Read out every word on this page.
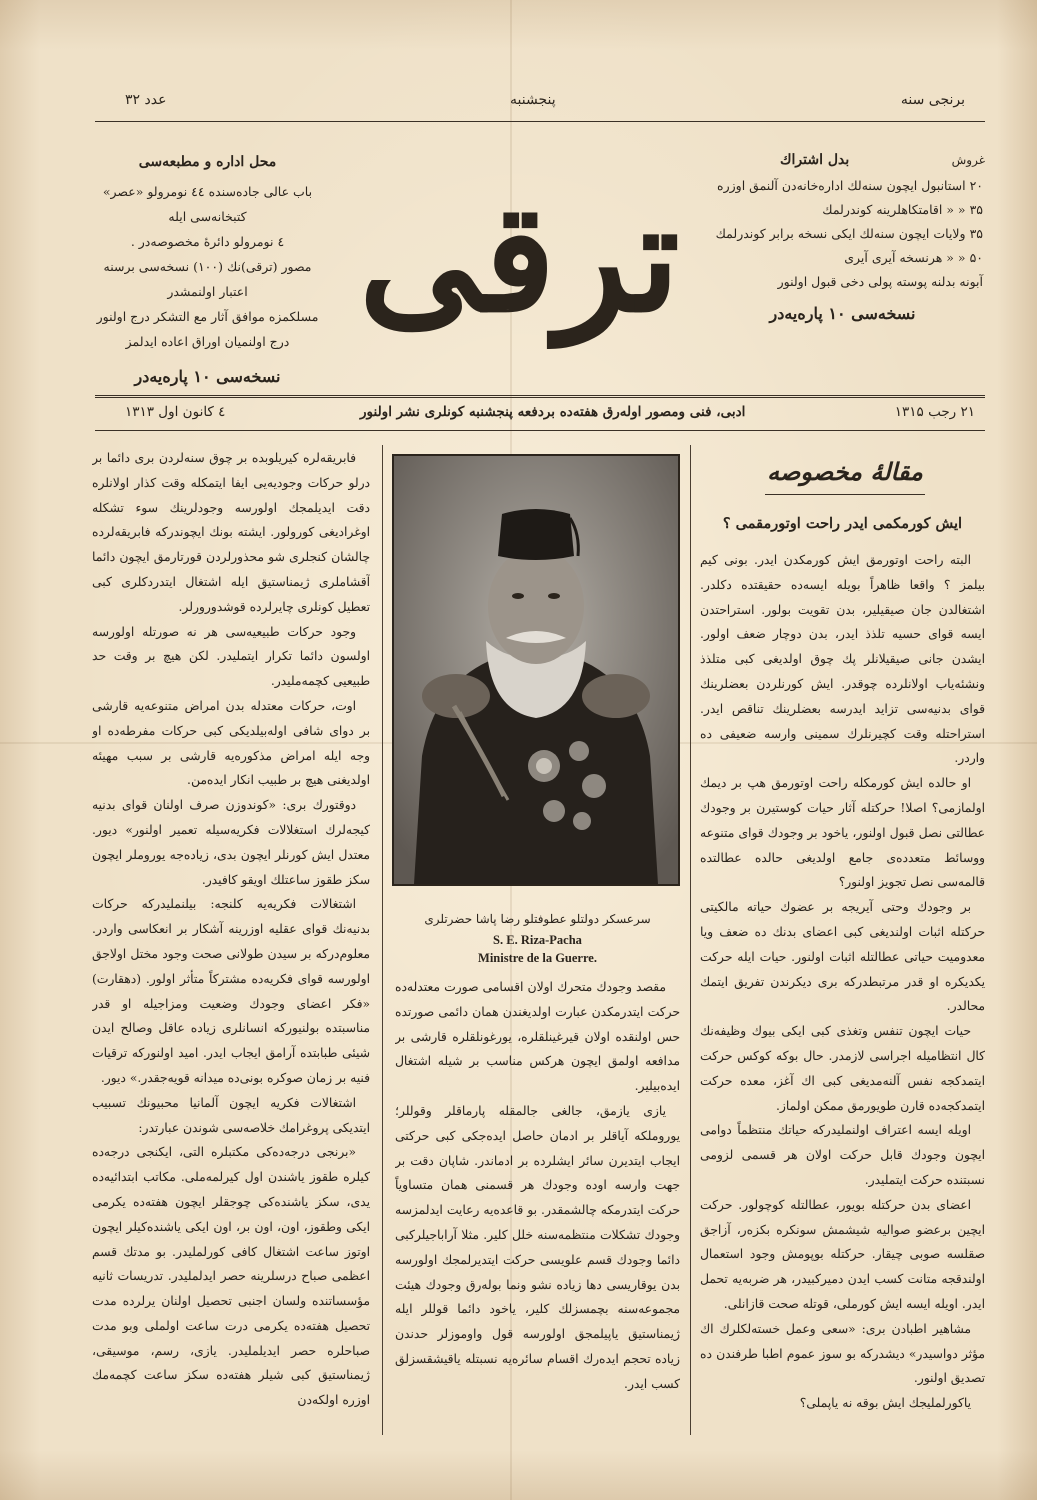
عدد ۳۲	پنجشنبه	برنجی سنه
محل اداره و مطبعه‌سی
باب عالی جاده‌سنده ٤٤ نومرولو «عصر» کتبخانه‌سی ایله
٤ نومرولو دائرهٔ مخصوصه‌در .
مصور (ترقی)نك (۱۰۰) نسخه‌سی برسنه اعتبار اولنمشدر
مسلکمزه موافق آثار مع التشکر درج اولنور
درج اولنمیان اوراق اعاده ایدلمز
نسخه‌سی ۱۰ پاره‌یه‌در
ترقی
غروش
بدل اشتراك
۲۰ استانبول ایچون سنه‌لك اداره‌خانه‌دن آلنمق اوزره
۳۵ « « اقامتکاهلرینه کوندرلمك
۳۵ ولایات ایچون سنه‌لك ایکی نسخه‌ برابر کوندرلمك
۵۰ « « هرنسخه آیری آیری
آبونه بدلنه پوسته پولی دخی قبول اولنور
نسخه‌سی ۱۰ پاره‌یه‌در
٤ کانون اول ۱۳۱۳	ادبی، فنی ومصور اوله‌رق هفته‌ده بردفعه پنجشنبه کونلری نشر اولنور	۲۱ رجب ۱۳۱۵
مقالهٔ مخصوصه
ایش کورمکمی ایدر راحت اوتورمقمی ؟

البته راحت اوتورمق ایش کورمکدن ایدر. بونی کیم بیلمز ؟ واقعا ظاهراً بویله ایسه‌ده حقیقتده دکلدر. اشتغالدن جان صیقیلیر، بدن تقویت بولور. استراحتدن ایسه قوای حسیه تلذذ ایدر، بدن دوچار ضعف اولور. ایشدن جانی صیقیلانلر پك چوق اولدیغی کبی متلذذ ونشئه‌یاب اولانلرده چوقدر. ایش کورنلردن بعضلرینك قوای بدنیه‌سی تزاید ایدرسه بعضلرینك تناقص ایدر. استراحتله وقت کچیرنلرك سمینی وارسه ضعیفی ده واردر.

او حالده ایش کورمکله راحت اوتورمق هپ بر دیمك اولمازمی؟ اصلا! حرکتله آثار حیات کوستیرن بر وجودك عطالتی نصل قبول اولنور، یاخود بر وجودك قوای متنوعه ووسائط متعدده‌ی جامع اولدیغی حالده عطالتده قالمه‌سی نصل تجویز اولنور؟

بر وجودك وحتی آیریجه بر عضوك حیاته مالکیتی حرکتله اثبات اولندیغی کبی اعضای بدنك ده ضعف ویا معدومیت حیاتی عطالتله اثبات اولنور. حیات ایله حرکت یکدیکره او قدر مرتبطدرکه بری دیکرندن تفریق ایتمك محالدر.

حیات ایچون تنفس وتغذی کبی ایکی بیوك وظیفه‌نك کال انتظامیله اجراسی لازمدر. حال بوکه کوکس حرکت ایتمدکجه نفس آلنه‌مدیغی کبی اك آغز، معده حرکت ایتمدکجه‌ده قارن طویورمق ممکن اولماز.

اویله ایسه اعتراف اولنملیدرکه حیاتك منتظماً دوامی ایچون وجودك قابل حرکت اولان هر قسمی لزومی نسبتنده حرکت ایتملیدر.

اعضای بدن حرکتله بویور، عطالتله کوچولور. حرکت ایچین برعضو صوالیه شیشمش سونکره بکزه‌ر، آزاجق صقلسه صوبی چیقار. حرکتله بوپومش وجود استعمال اولندقجه متانت کسب ایدن دمیرکبیدر، هر ضربه‌یه تحمل ایدر. اویله ایسه ایش کورملی، قوتله صحت قازانلی.

مشاهیر اطبادن بری: «سعی وعمل خسته‌لکلرك اك مؤثر دواسیدر» دیشدرکه بو سوز عموم اطبا طرفندن ده تصدیق اولنور.

یاکورلملیجك ایش بوقه نه یاپملی؟

سرعسکر دولتلو عطوفتلو رضا پاشا حضرتلری
S. E. Riza-Pacha
Ministre de la Guerre.

مقصد وجودك متحرك اولان اقسامی صورت معتدله‌ده حرکت ایتدرمکدن عبارت اولدیغندن همان دائمی صورتده حس اولنقده اولان قیرغینلقلره، یورغونلقلره قارشی بر مدافعه اولمق ایچون هرکس مناسب بر شیله اشتغال ایده‌بیلیر.

یازی یازمق، جالغی جالمقله پارماقلر وقوللر؛ یوروملکه آیاقلر بر ادمان حاصل ایده‌جکی کبی حرکتی ایجاب ایتدیرن سائر ایشلرده بر ادماندر. شاپان دقت بر جهت وارسه اوده وجودك هر قسمنی همان متساویاً حرکت ایتدرمکه چالشمقدر. بو قاعده‌یه رعایت ایدلمزسه وجودك تشکلات منتظمه‌سنه خلل کلیر. مثلا آراباجیلرکبی دائما وجودك قسم علویسی حرکت ایتدیرلمجك اولورسه بدن یوقاریسی دها زیاده نشو ونما بوله‌رق وجودك هیئت مجموعه‌سنه بچمسزلك کلیر، یاخود دائما قوللر ایله ژیمناستیق یاپیلمجق اولورسه قول واوموزلر حدندن زیاده تحجم ایده‌رك اقسام سائره‌یه نسبتله یاقیشقسزلق کسب ایدر.

فابریقه‌لره کیریلوبده بر چوق سنه‌لردن بری دائما بر درلو حرکات وجودیه‌یی ایفا ایتمکله وقت کذار اولانلره دقت ایدیلمجك اولورسه وجودلرینك سوء تشکله اوغرادیغی کورولور. ایشته بونك ایچوندرکه فابریقه‌لرده چالشان کنجلری شو محذورلردن قورتارمق ایچون دائما آقشاملری ژیمناستیق ایله اشتغال ایتدردکلری کبی تعطیل کونلری چایرلرده قوشدورورلر.

وجود حرکات طبیعیه‌سی هر نه صورتله اولورسه اولسون دائما تکرار ایتملیدر. لکن هیچ بر وقت حد طبیعیی کچمه‌ملیدر.

اوت، حرکات معتدله بدن امراض متنوعه‌یه قارشی بر دوای شافی اوله‌بیلدیکی کبی حرکات مفرطه‌ده او وجه ایله امراض مذکوره‌یه قارشی بر سبب مهیئه اولدیغنی هیچ بر طبیب انکار ایده‌من.

دوقتورك بری: «کوندوزن صرف اولنان قوای بدنیه کیجه‌لرك استغلالات فکریه‌سیله تعمیر اولنور» دیور. معتدل ایش کورنلر ایچون بدی، زیاده‌جه یوروملر ایچون سکز طقوز ساعتلك اویقو کافیدر.

اشتغالات فکریه‌یه کلنجه: بیلنملیدرکه حرکات بدنیه‌نك قوای عقلیه اوزرینه آشکار بر انعکاسی واردر. معلوم‌درکه بر سیدن طولانی صحت وجود مختل اولاجق اولورسه قوای فکریه‌ده مشترکاً متأثر اولور. (دهقارت) «فکر اعضای وجودك وضعیت ومزاجیله او قدر مناسبتده بولنیورکه انسانلری زیاده عاقل وصالح ایدن شیئی طبابتده آرامق ایجاب ایدر. امید اولنورکه ترقیات فنیه بر زمان صوکره بونی‌ده میدانه قویه‌جقدر.» دیور.

اشتغالات فکریه ایچون آلمانیا محبیونك تسبیب ایتدیکی پروغرامك خلاصه‌سی شوندن عبارتدر:

«برنجی درجه‌ده‌کی مکتبلره التی، ایکنجی درجه‌ده کیلره طقوز یاشندن اول کیرلمه‌ملی. مکاتب ابتدائیه‌ده یدی، سکز یاشنده‌کی چوجقلر ایچون هفته‌ده یکرمی ایکی وطقوز، اون، اون بر، اون ایکی یاشنده‌کیلر ایچون اوتوز ساعت اشتغال کافی کورلملیدر. بو مدتك قسم اعظمی صباح درسلرینه حصر ایدلملیدر. تدریسات ثانیه مؤسساتنده ولسان اجنبی تحصیل اولنان یرلرده مدت تحصیل هفته‌ده یکرمی درت ساعت اولملی وبو مدت صباحلره حصر ایدیلملیدر. یازی، رسم، موسیقی، ژیمناستیق کبی شیلر هفته‌ده سکز ساعت کچمه‌مك اوزره اولکه‌دن
